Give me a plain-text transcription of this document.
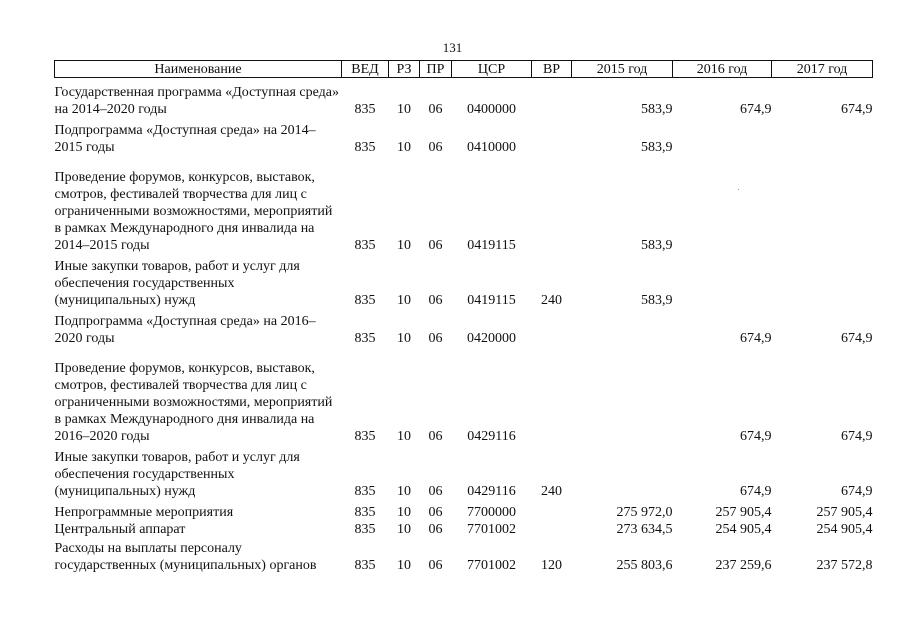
131
Наименование	ВЕД	РЗ	ПР	ЦСР	ВР	2015 год	2016 год	2017 год
Государственная программа «Доступная среда» на 2014–2020 годы	835	10	06	0400000		583,9	674,9	674,9
Подпрограмма «Доступная среда» на 2014–2015 годы	835	10	06	0410000		583,9		
Проведение форумов, конкурсов, выставок, смотров, фестивалей творчества для лиц с ограниченными возможностями, мероприятий в рамках Международного дня инвалида на 2014–2015 годы	835	10	06	0419115		583,9		
Иные закупки товаров, работ и услуг для обеспечения государственных (муниципальных) нужд	835	10	06	0419115	240	583,9		
Подпрограмма «Доступная среда» на 2016–2020 годы	835	10	06	0420000			674,9	674,9
Проведение форумов, конкурсов, выставок, смотров, фестивалей творчества для лиц с ограниченными возможностями, мероприятий в рамках Международного дня инвалида на 2016–2020 годы	835	10	06	0429116			674,9	674,9
Иные закупки товаров, работ и услуг для обеспечения государственных (муниципальных) нужд	835	10	06	0429116	240		674,9	674,9
Непрограммные мероприятия	835	10	06	7700000		275 972,0	257 905,4	257 905,4
Центральный аппарат	835	10	06	7701002		273 634,5	254 905,4	254 905,4
Расходы на выплаты персоналу государственных (муниципальных) органов	835	10	06	7701002	120	255 803,6	237 259,6	237 572,8
